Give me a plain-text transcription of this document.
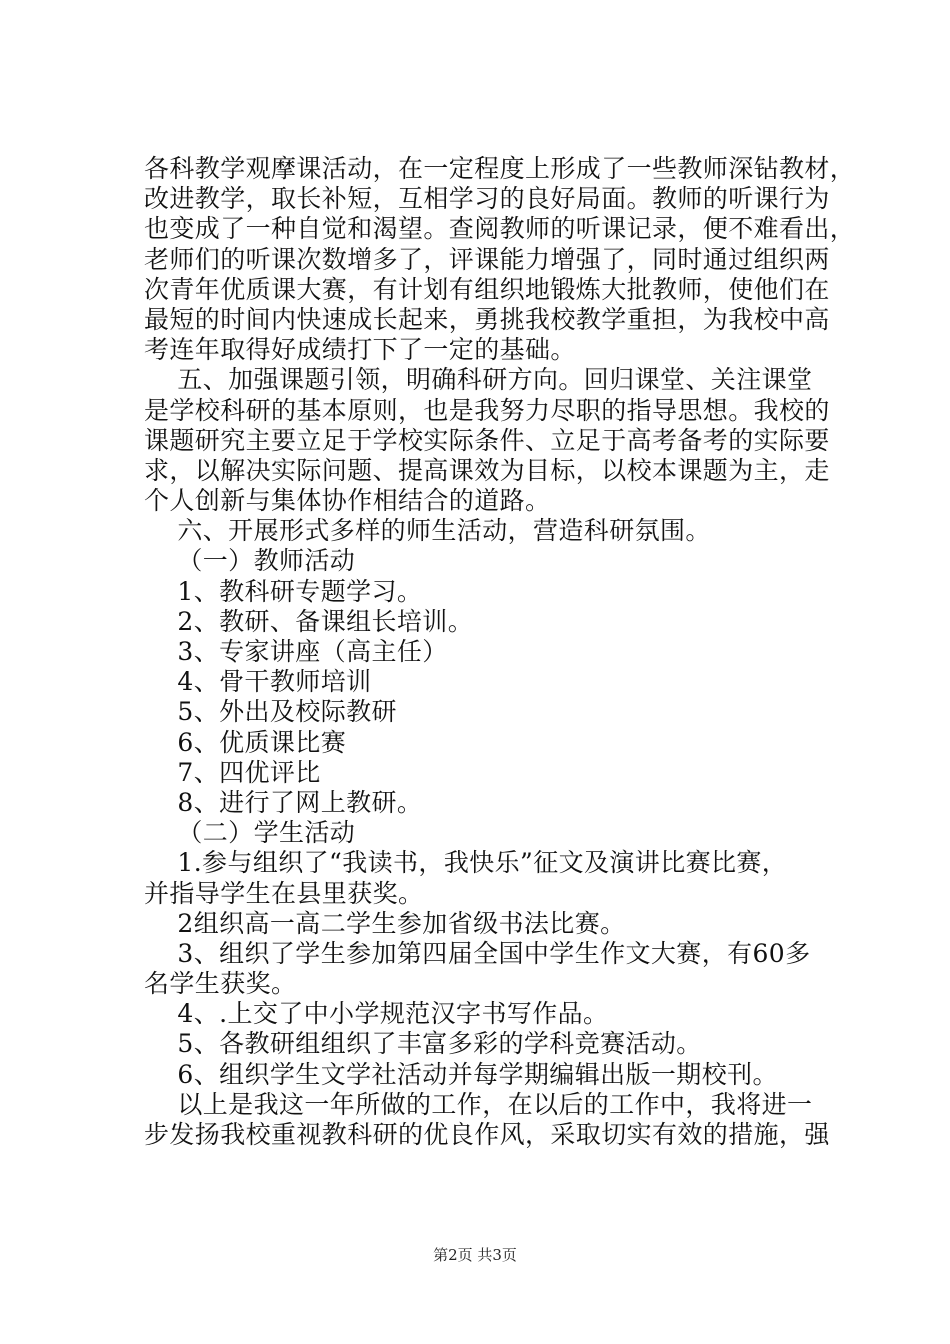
各科教学观摩课活动，在一定程度上形成了一些教师深钻教材，
改进教学，取长补短，互相学习的良好局面。教师的听课行为
也变成了一种自觉和渴望。查阅教师的听课记录，便不难看出，
老师们的听课次数增多了，评课能力增强了，同时通过组织两
次青年优质课大赛，有计划有组织地锻炼大批教师，使他们在
最短的时间内快速成长起来，勇挑我校教学重担，为我校中高
考连年取得好成绩打下了一定的基础。
五、加强课题引领，明确科研方向。回归课堂、关注课堂
是学校科研的基本原则，也是我努力尽职的指导思想。我校的
课题研究主要立足于学校实际条件、立足于高考备考的实际要
求，以解决实际问题、提高课效为目标，以校本课题为主，走
个人创新与集体协作相结合的道路。
六、开展形式多样的师生活动，营造科研氛围。
（一）教师活动
1、教科研专题学习。
2、教研、备课组长培训。
3、专家讲座（高主任）
4、骨干教师培训
5、外出及校际教研
6、优质课比赛
7、四优评比
8、进行了网上教研。
（二）学生活动
1.参与组织了“我读书，我快乐”征文及演讲比赛比赛，
并指导学生在县里获奖。
2组织高一高二学生参加省级书法比赛。
3、组织了学生参加第四届全国中学生作文大赛，有60多
名学生获奖。
4、.上交了中小学规范汉字书写作品。
5、各教研组组织了丰富多彩的学科竞赛活动。
6、组织学生文学社活动并每学期编辑出版一期校刊。
以上是我这一年所做的工作，在以后的工作中，我将进一
步发扬我校重视教科研的优良作风，采取切实有效的措施，强
第2页 共3页
